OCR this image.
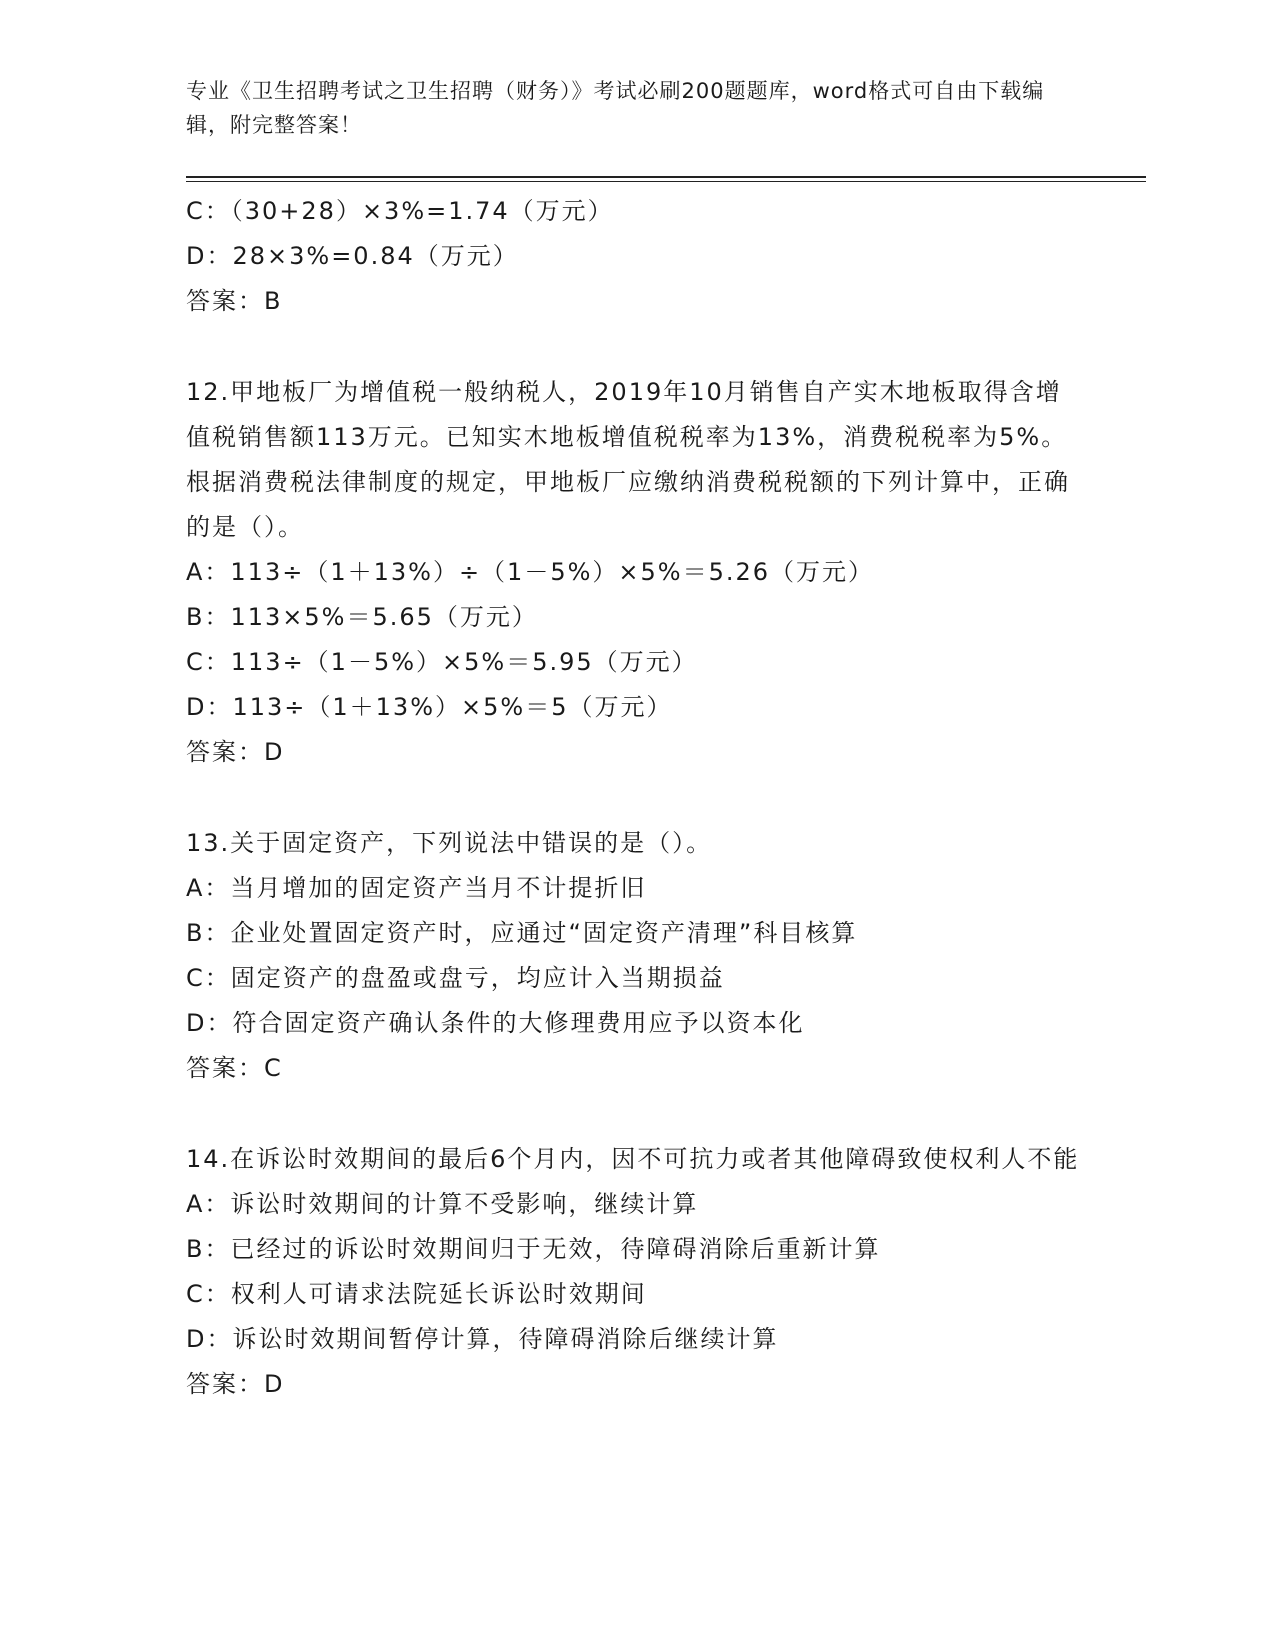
专业《卫生招聘考试之卫生招聘（财务）》考试必刷200题题库，word格式可自由下载编辑，附完整答案！
C：（30+28）×3%=1.74（万元）
D：28×3%=0.84（万元）
答案：B
12.甲地板厂为增值税一般纳税人，2019年10月销售自产实木地板取得含增值税销售额113万元。已知实木地板增值税税率为13%，消费税税率为5%。根据消费税法律制度的规定，甲地板厂应缴纳消费税税额的下列计算中，正确的是（）。
A：113÷（1＋13%）÷（1－5%）×5%＝5.26（万元）
B：113×5%＝5.65（万元）
C：113÷（1－5%）×5%＝5.95（万元）
D：113÷（1＋13%）×5%＝5（万元）
答案：D
13.关于固定资产，下列说法中错误的是（）。
A：当月增加的固定资产当月不计提折旧
B：企业处置固定资产时，应通过“固定资产清理”科目核算
C：固定资产的盘盈或盘亏，均应计入当期损益
D：符合固定资产确认条件的大修理费用应予以资本化
答案：C
14.在诉讼时效期间的最后6个月内，因不可抗力或者其他障碍致使权利人不能
A：诉讼时效期间的计算不受影响，继续计算
B：已经过的诉讼时效期间归于无效，待障碍消除后重新计算
C：权利人可请求法院延长诉讼时效期间
D：诉讼时效期间暂停计算，待障碍消除后继续计算
答案：D
